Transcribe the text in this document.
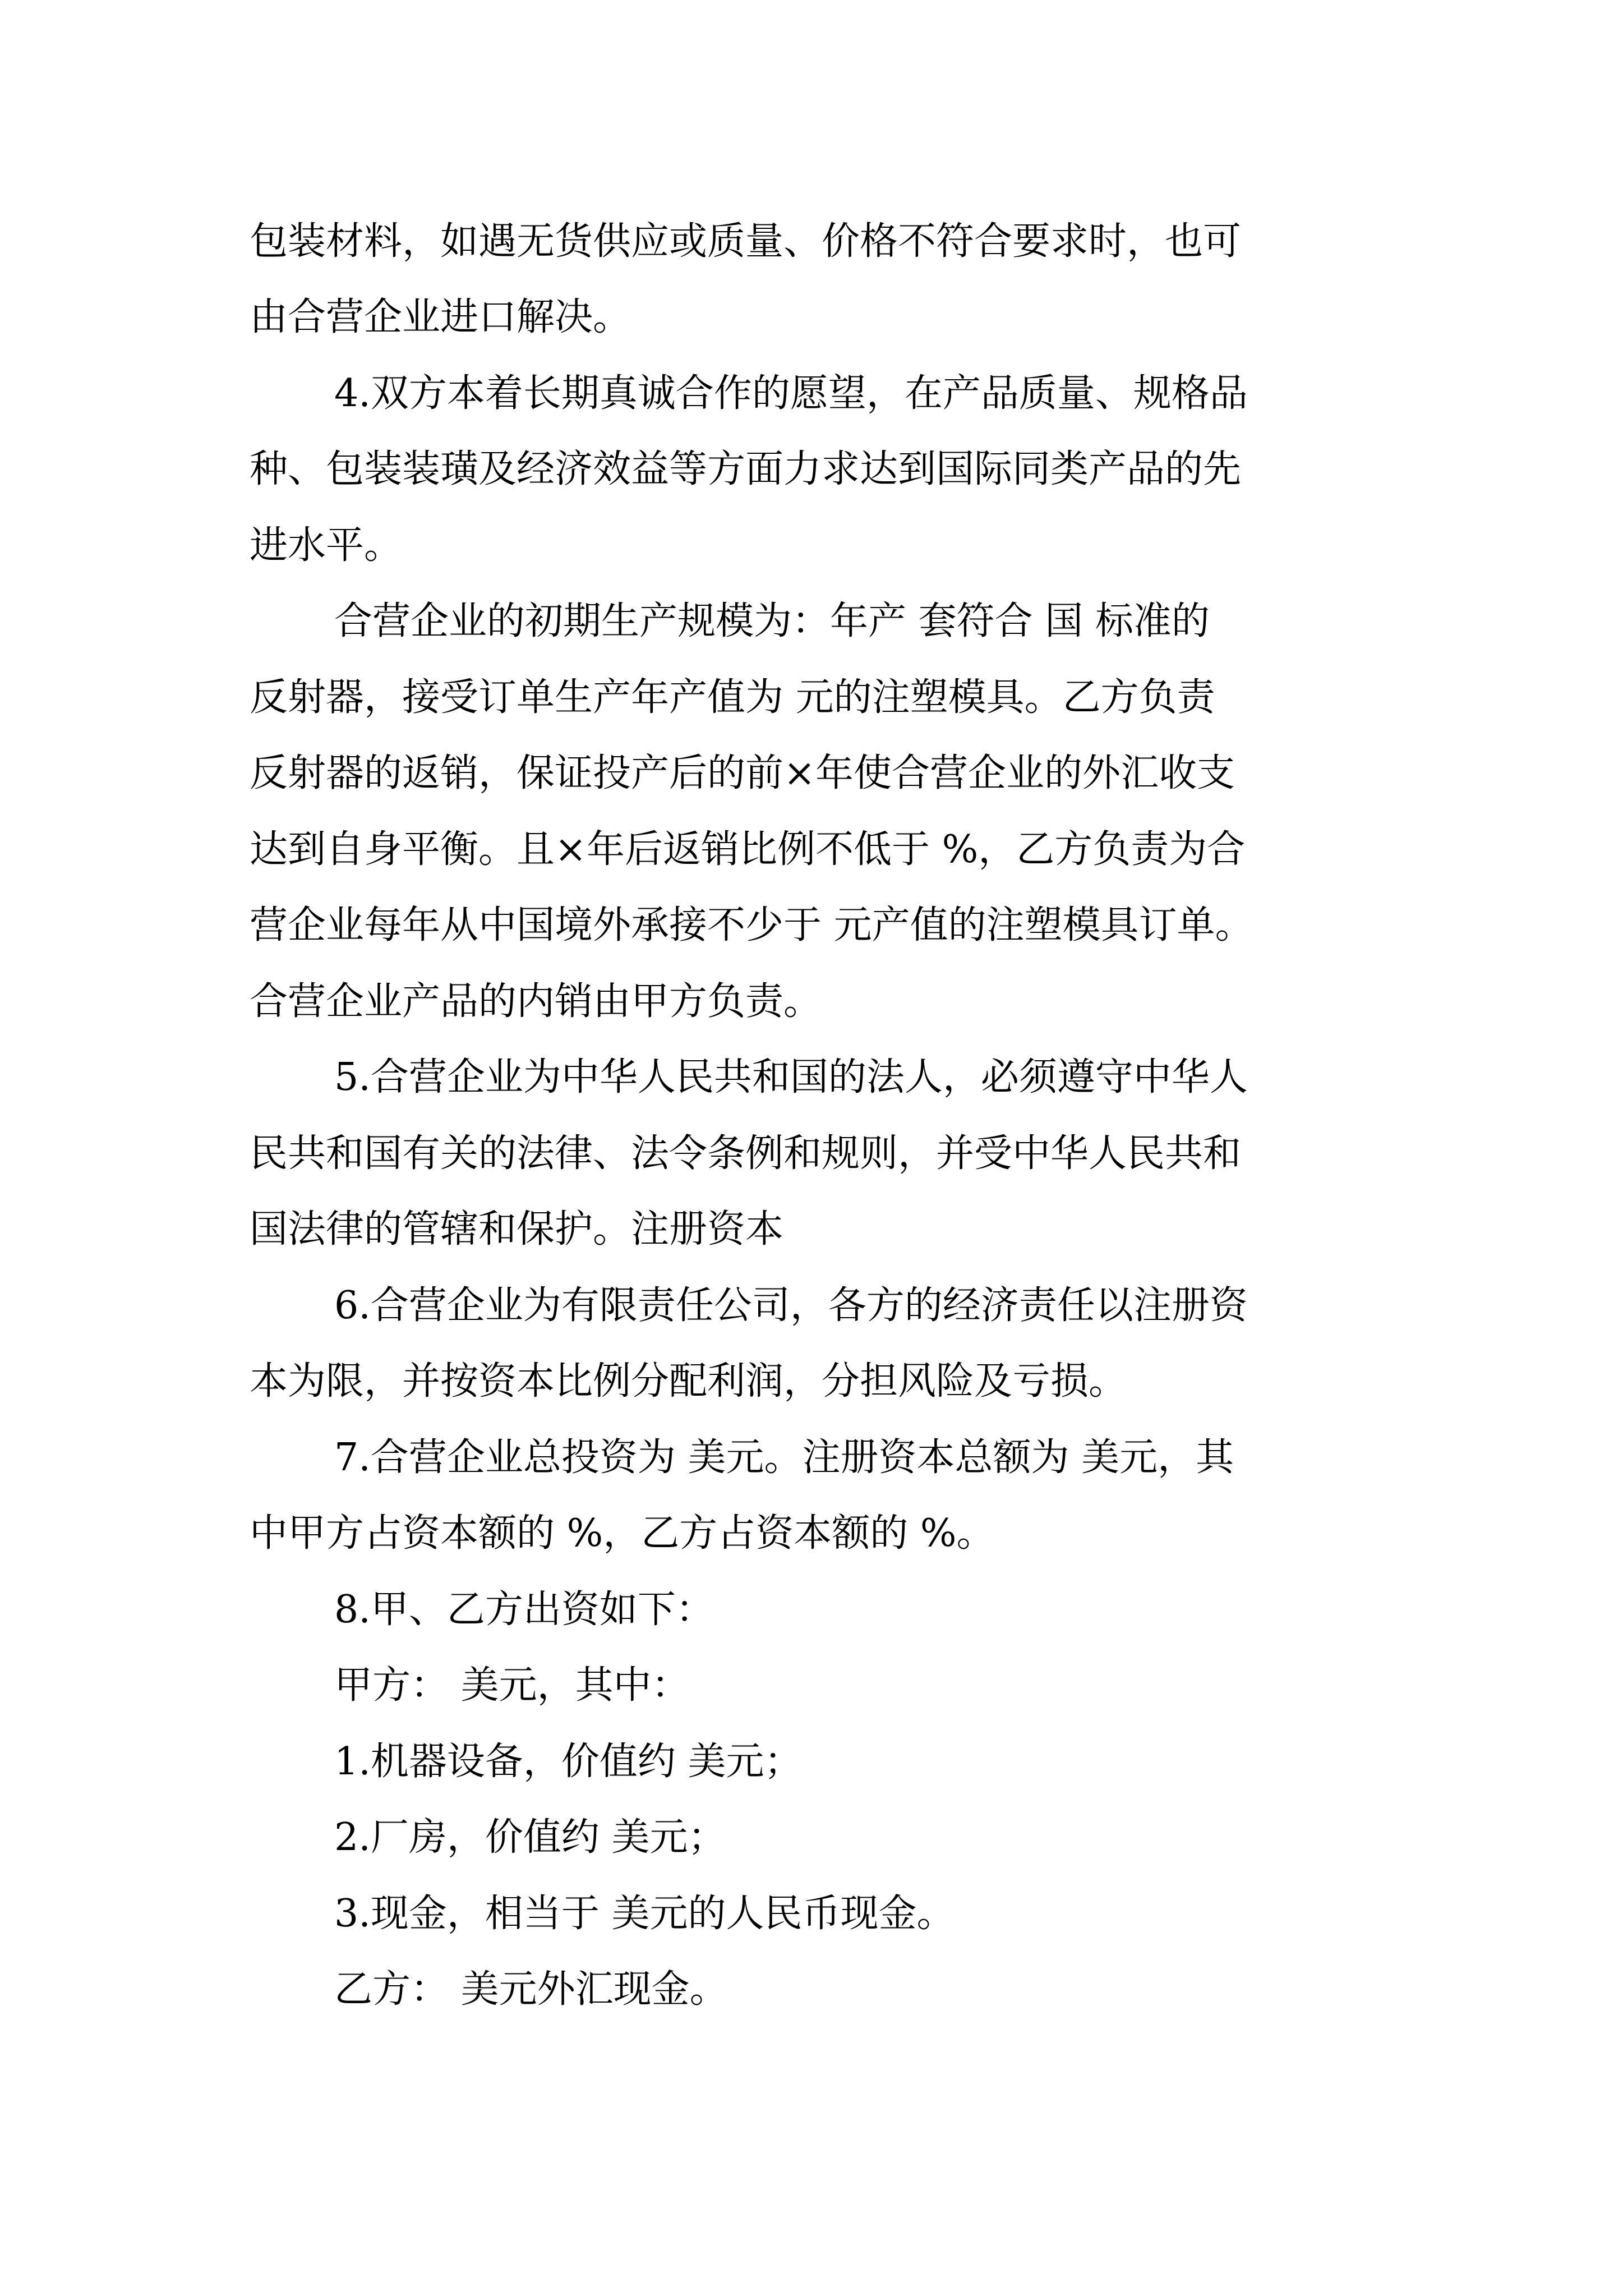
包装材料，如遇无货供应或质量、价格不符合要求时，也可

由合营企业进口解决。

4.双方本着长期真诚合作的愿望，在产品质量、规格品

种、包装装璜及经济效益等方面力求达到国际同类产品的先

进水平。

合营企业的初期生产规模为：年产 套符合 国 标准的

反射器，接受订单生产年产值为 元的注塑模具。乙方负责

反射器的返销，保证投产后的前×年使合营企业的外汇收支

达到自身平衡。且×年后返销比例不低于 %，乙方负责为合

营企业每年从中国境外承接不少于 元产值的注塑模具订单。

合营企业产品的内销由甲方负责。

5.合营企业为中华人民共和国的法人，必须遵守中华人

民共和国有关的法律、法令条例和规则，并受中华人民共和

国法律的管辖和保护。注册资本

6.合营企业为有限责任公司，各方的经济责任以注册资

本为限，并按资本比例分配利润，分担风险及亏损。

7.合营企业总投资为 美元。注册资本总额为 美元，其

中甲方占资本额的 %，乙方占资本额的 %。

8.甲、乙方出资如下：

甲方： 美元，其中：

1.机器设备，价值约 美元；

2.厂房，价值约 美元；

3.现金，相当于 美元的人民币现金。

乙方： 美元外汇现金。
